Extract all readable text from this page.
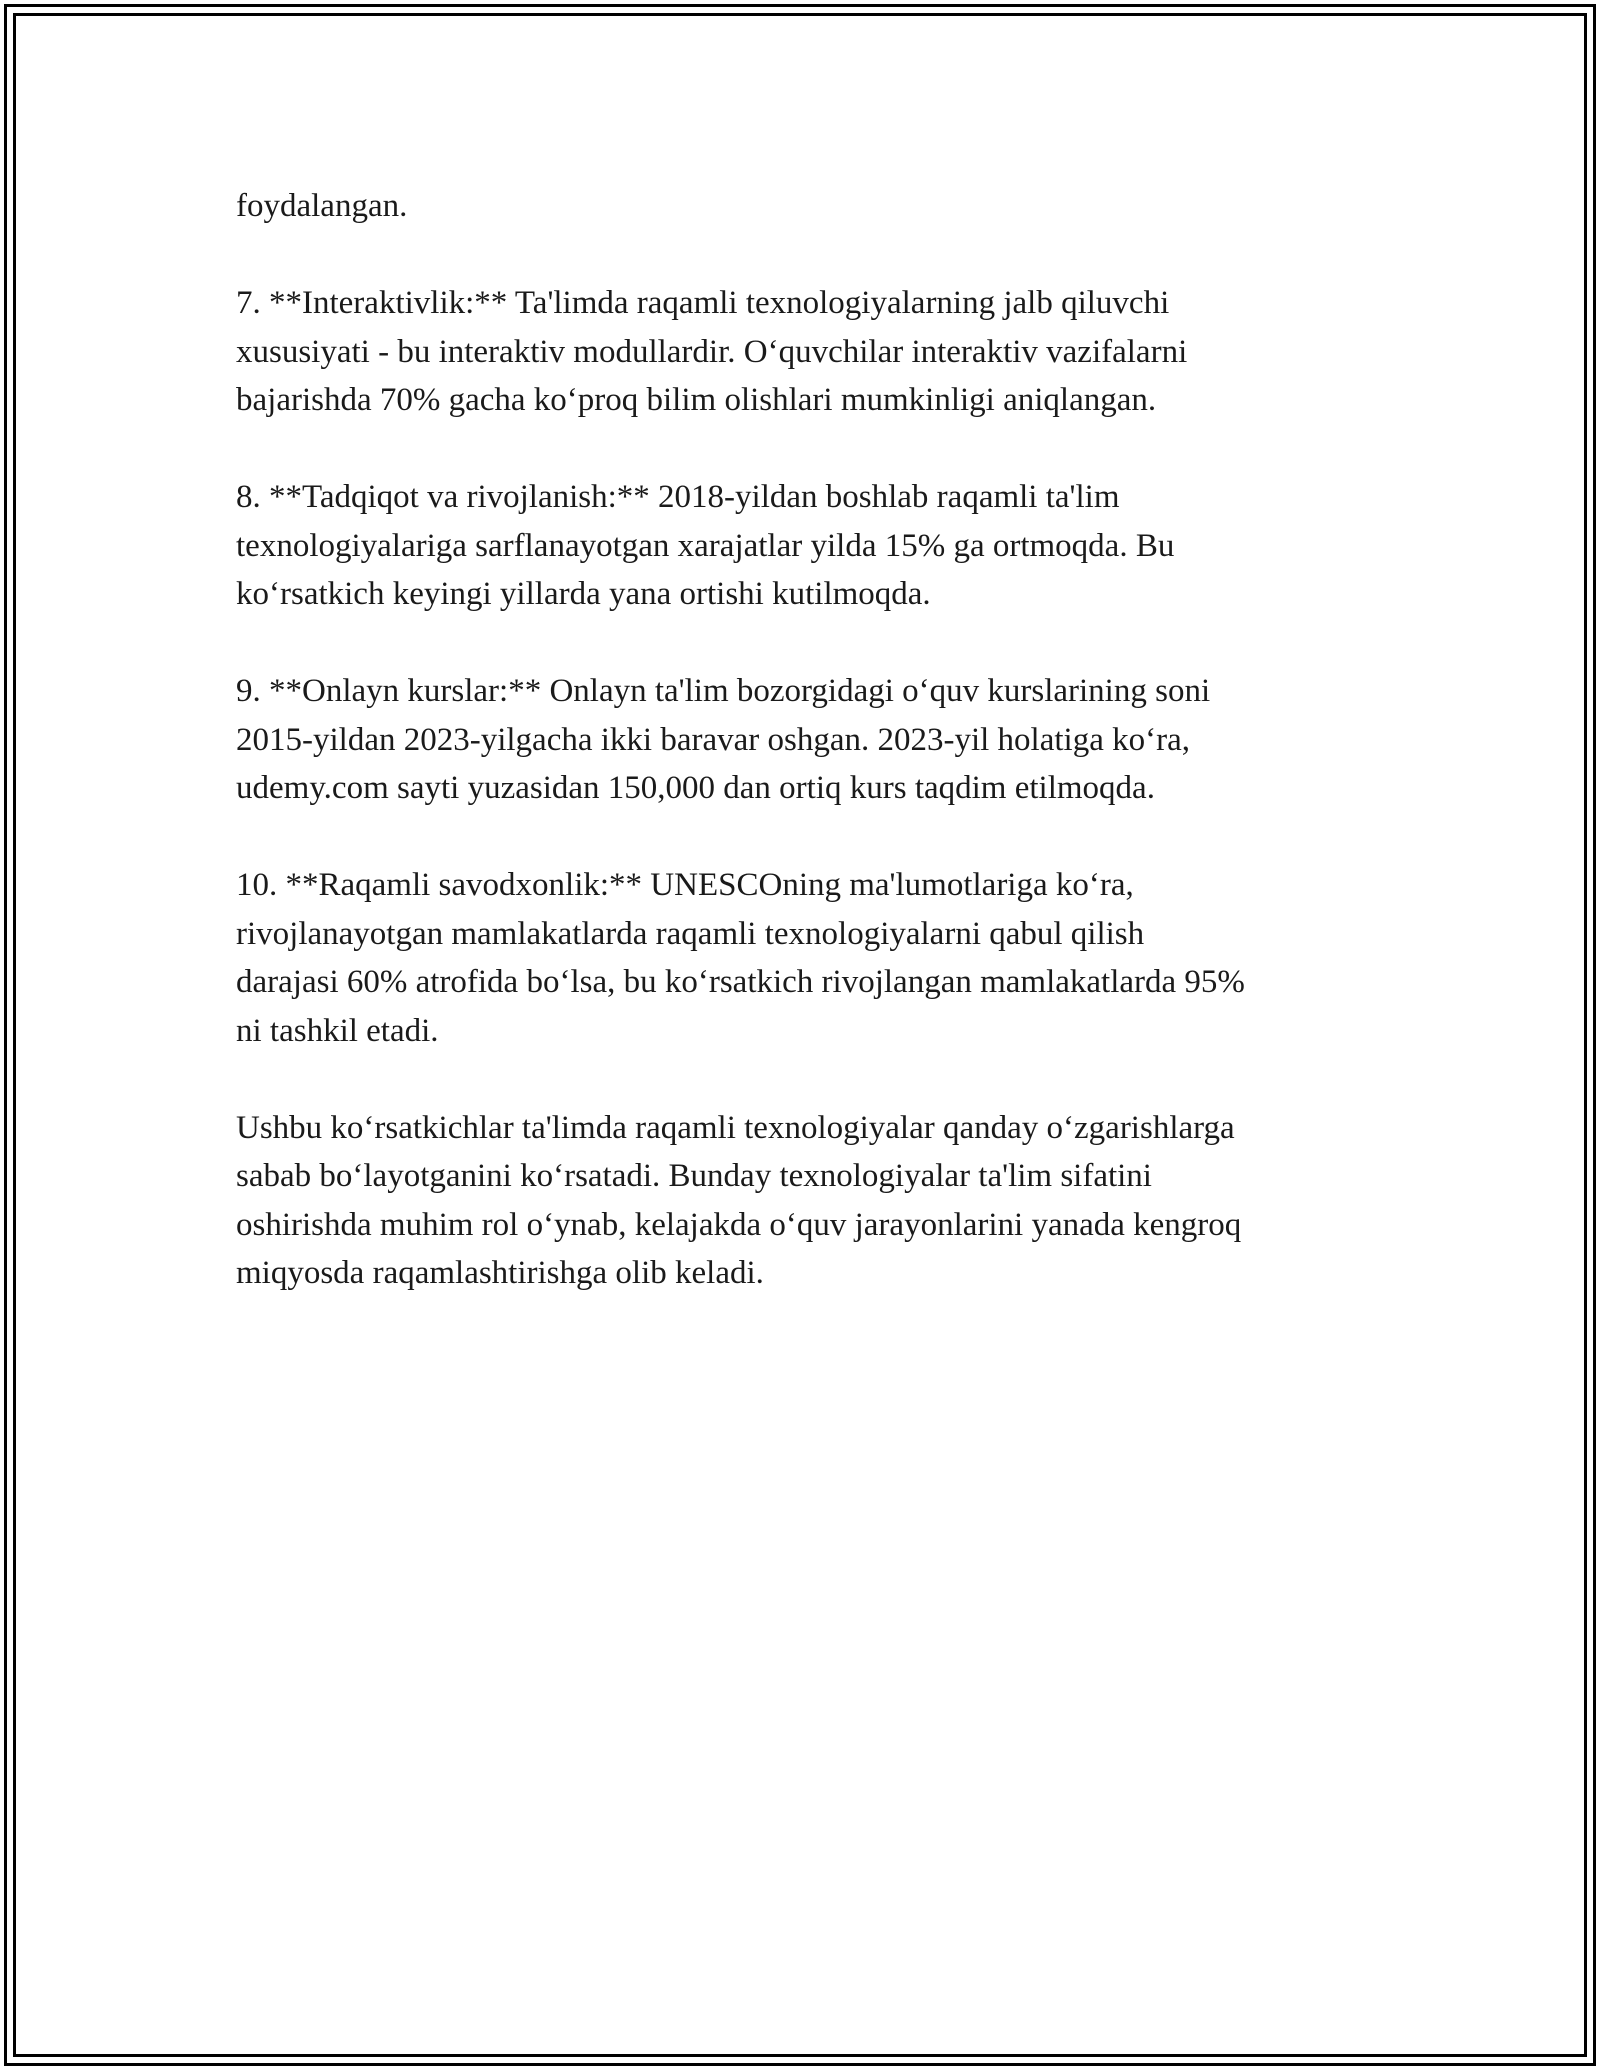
foydalangan.

7. **Interaktivlik:** Ta'limda raqamli texnologiyalarning jalb qiluvchi
xususiyati - bu interaktiv modullardir. O‘quvchilar interaktiv vazifalarni
bajarishda 70% gacha ko‘proq bilim olishlari mumkinligi aniqlangan.

8. **Tadqiqot va rivojlanish:** 2018-yildan boshlab raqamli ta'lim
texnologiyalariga sarflanayotgan xarajatlar yilda 15% ga ortmoqda. Bu
ko‘rsatkich keyingi yillarda yana ortishi kutilmoqda.

9. **Onlayn kurslar:** Onlayn ta'lim bozorgidagi o‘quv kurslarining soni
2015-yildan 2023-yilgacha ikki baravar oshgan. 2023-yil holatiga ko‘ra,
udemy.com sayti yuzasidan 150,000 dan ortiq kurs taqdim etilmoqda.

10. **Raqamli savodxonlik:** UNESCOning ma'lumotlariga ko‘ra,
rivojlanayotgan mamlakatlarda raqamli texnologiyalarni qabul qilish
darajasi 60% atrofida bo‘lsa, bu ko‘rsatkich rivojlangan mamlakatlarda 95%
ni tashkil etadi.

Ushbu ko‘rsatkichlar ta'limda raqamli texnologiyalar qanday o‘zgarishlarga
sabab bo‘layotganini ko‘rsatadi. Bunday texnologiyalar ta'lim sifatini
oshirishda muhim rol o‘ynab, kelajakda o‘quv jarayonlarini yanada kengroq
miqyosda raqamlashtirishga olib keladi.
